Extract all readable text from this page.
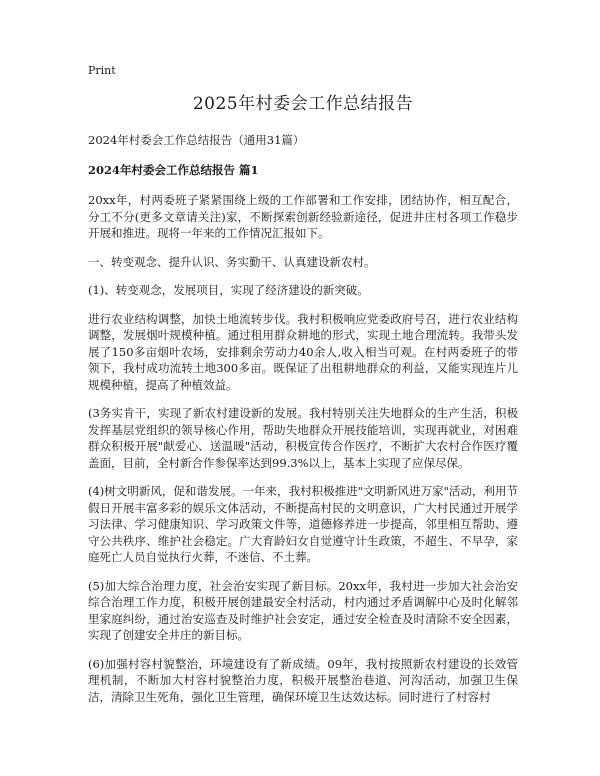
Print
2025年村委会工作总结报告
2024年村委会工作总结报告（通用31篇）
2024年村委会工作总结报告 篇1

20xx年，村两委班子紧紧围绕上级的工作部署和工作安排，团结协作，相互配合，分工不分(更多文章请关注)家，不断探索创新经验新途径，促进井庄村各项工作稳步开展和推进。现将一年来的工作情况汇报如下。

一、转变观念、提升认识、务实勤干、认真建设新农村。

(1)、转变观念，发展项目，实现了经济建设的新突破。

进行农业结构调整，加快土地流转步伐。我村积极响应党委政府号召，进行农业结构调整，发展烟叶规模种植。通过租用群众耕地的形式，实现土地合理流转。我带头发展了150多亩烟叶农场，安排剩余劳动力40余人,收入相当可观。在村两委班子的带领下，我村成功流转土地300多亩。既保证了出租耕地群众的利益，又能实现连片儿规模种植，提高了种植效益。

(3务实肯干，实现了新农村建设新的发展。我村特别关注失地群众的生产生活，积极发挥基层党组织的领导核心作用，帮助失地群众开展技能培训，实现再就业，对困难群众积极开展"献爱心、送温暖"活动，积极宣传合作医疗，不断扩大农村合作医疗覆盖面，目前，全村新合作参保率达到99.3%以上，基本上实现了应保尽保。

(4)树文明新风，促和谐发展。一年来，我村积极推进"文明新风进万家"活动，利用节假日开展丰富多彩的娱乐文体活动，不断提高村民的文明意识，广大村民通过开展学习法律、学习健康知识、学习政策文件等，道德修养进一步提高，邻里相互帮助、遵守公共秩序、维护社会稳定。广大育龄妇女自觉遵守计生政策，不超生、不早孕，家庭死亡人员自觉执行火葬，不迷信、不土葬。

(5)加大综合治理力度，社会治安实现了新目标。20xx年，我村进一步加大社会治安综合治理工作力度，积极开展创建最安全村活动，村内通过矛盾调解中心及时化解邻里家庭纠纷，通过治安巡查及时维护社会安定，通过安全检查及时清除不安全因素，实现了创建安全井庄的新目标。

(6)加强村容村貌整治，环境建设有了新成绩。09年，我村按照新农村建设的长效管理机制，不断加大村容村貌整治力度，积极开展整治巷道、河沟活动，加强卫生保洁，清除卫生死角，强化卫生管理，确保环境卫生达效达标。同时进行了村容村
